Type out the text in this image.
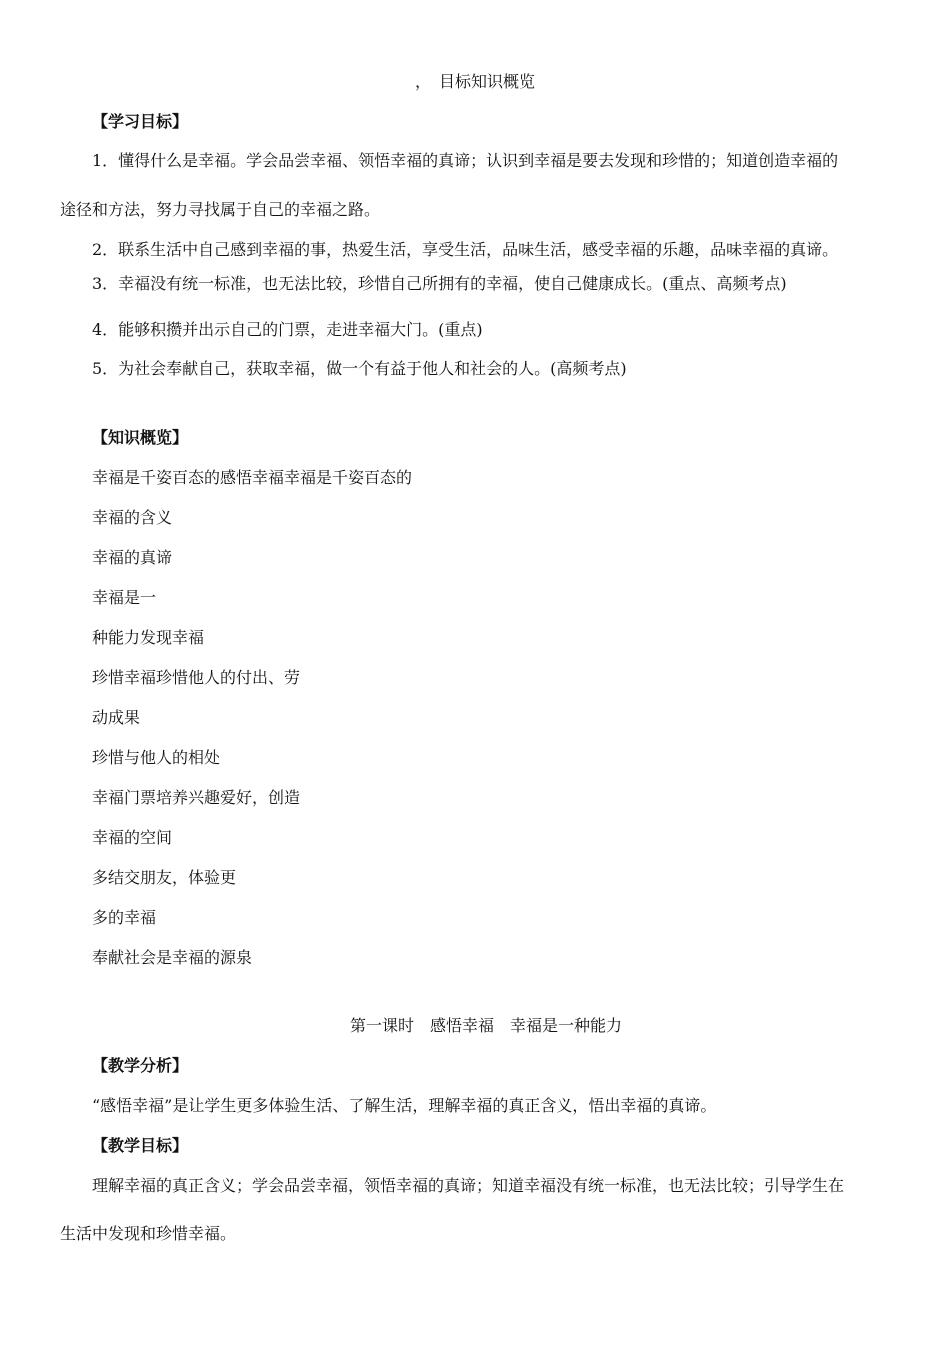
，　目标知识概览
【学习目标】
1．懂得什么是幸福。学会品尝幸福、领悟幸福的真谛；认识到幸福是要去发现和珍惜的；知道创造幸福的
途径和方法，努力寻找属于自己的幸福之路。
2．联系生活中自己感到幸福的事，热爱生活，享受生活，品味生活，感受幸福的乐趣，品味幸福的真谛。
3．幸福没有统一标准，也无法比较，珍惜自己所拥有的幸福，使自己健康成长。(重点、高频考点)
4．能够积攒并出示自己的门票，走进幸福大门。(重点)
5．为社会奉献自己，获取幸福，做一个有益于他人和社会的人。(高频考点)
【知识概览】
幸福是千姿百态的感悟幸福幸福是千姿百态的
幸福的含义
幸福的真谛
幸福是一
种能力发现幸福
珍惜幸福珍惜他人的付出、劳
动成果
珍惜与他人的相处
幸福门票培养兴趣爱好，创造
幸福的空间
多结交朋友，体验更
多的幸福
奉献社会是幸福的源泉
第一课时　感悟幸福　幸福是一种能力
【教学分析】
“感悟幸福”是让学生更多体验生活、了解生活，理解幸福的真正含义，悟出幸福的真谛。
【教学目标】
理解幸福的真正含义；学会品尝幸福，领悟幸福的真谛；知道幸福没有统一标准，也无法比较；引导学生在
生活中发现和珍惜幸福。
